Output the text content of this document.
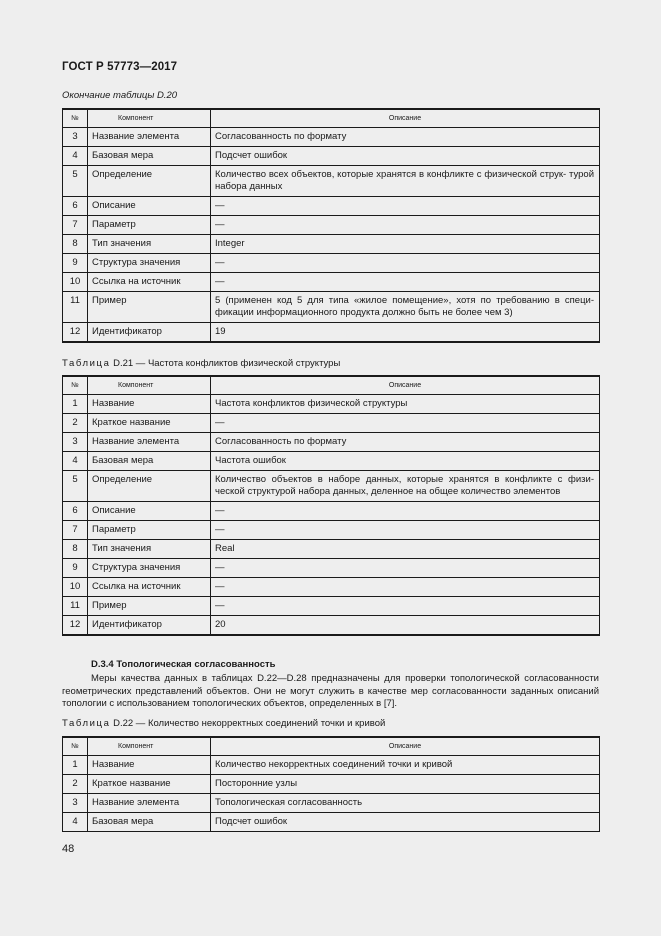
ГОСТ Р 57773—2017
Окончание таблицы D.20
№	Компонент	Описание
3	Название элемента	Согласованность по формату
4	Базовая мера	Подсчет ошибок
5	Определение	Количество всех объектов, которые хранятся в конфликте с физической струк- турой набора данных
6	Описание	—
7	Параметр	—
8	Тип значения	Integer
9	Структура значения	—
10	Ссылка на источник	—
11	Пример	5 (применен код 5 для типа «жилое помещение», хотя по требованию в специ- фикации информационного продукта должно быть не более чем 3)
12	Идентификатор	19
Таблица D.21 — Частота конфликтов физической структуры
№	Компонент	Описание
1	Название	Частота конфликтов физической структуры
2	Краткое название	—
3	Название элемента	Согласованность по формату
4	Базовая мера	Частота ошибок
5	Определение	Количество объектов в наборе данных, которые хранятся в конфликте с физи- ческой структурой набора данных, деленное на общее количество элементов
6	Описание	—
7	Параметр	—
8	Тип значения	Real
9	Структура значения	—
10	Ссылка на источник	—
11	Пример	—
12	Идентификатор	20
D.3.4 Топологическая согласованность
Меры качества данных в таблицах D.22—D.28 предназначены для проверки топологической согласованности геометрических представлений объектов. Они не могут служить в качестве мер согласованности заданных описаний топологии с использованием топологических объектов, определенных в [7].
Таблица D.22 — Количество некорректных соединений точки и кривой
№	Компонент	Описание
1	Название	Количество некорректных соединений точки и кривой
2	Краткое название	Посторонние узлы
3	Название элемента	Топологическая согласованность
4	Базовая мера	Подсчет ошибок
48
